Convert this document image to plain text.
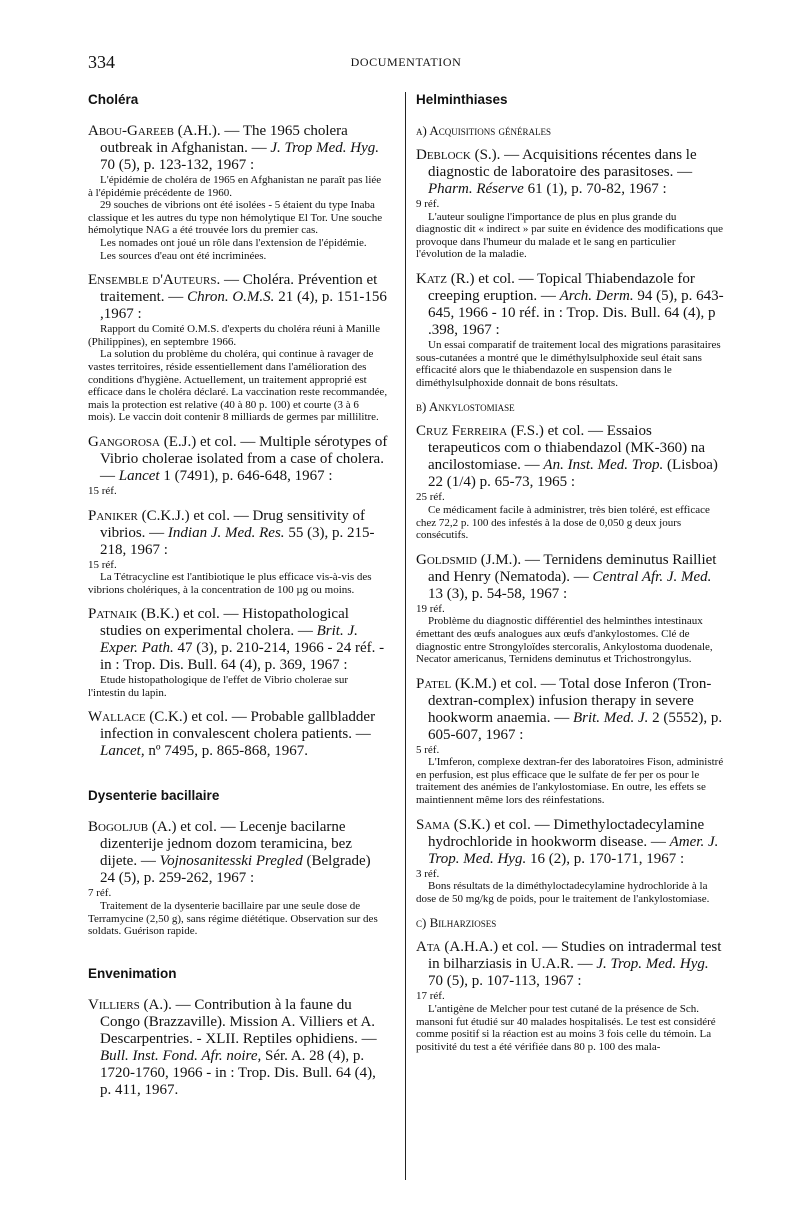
334	DOCUMENTATION
Choléra

Abou-Gareeb (A.H.). — The 1965 cholera outbreak in Afghanistan. — J. Trop Med. Hyg. 70 (5), p. 123-132, 1967 :

L'épidémie de choléra de 1965 en Afghanistan ne paraît pas liée à l'épidémie précédente de 1960.

29 souches de vibrions ont été isolées - 5 étaient du type Inaba classique et les autres du type non hémolytique El Tor. Une souche hémolytique NAG a été trouvée lors du premier cas.

Les nomades ont joué un rôle dans l'extension de l'épidémie.

Les sources d'eau ont été incriminées.

Ensemble d'Auteurs. — Choléra. Prévention et traitement. — Chron. O.M.S. 21 (4), p. 151-156 ,1967 :

Rapport du Comité O.M.S. d'experts du choléra réuni à Manille (Philippines), en septembre 1966.

La solution du problème du choléra, qui continue à ravager de vastes territoires, réside essentiellement dans l'amélioration des conditions d'hygiène. Actuellement, un traitement approprié est efficace dans le choléra déclaré. La vaccination reste recommandée, mais la protection est relative (40 à 80 p. 100) et courte (3 à 6 mois). Le vaccin doit contenir 8 milliards de germes par millilitre.

Gangorosa (E.J.) et col. — Multiple sérotypes of Vibrio cholerae isolated from a case of cholera. — Lancet 1 (7491), p. 646-648, 1967 :

15 réf.

Paniker (C.K.J.) et col. — Drug sensitivity of vibrios. — Indian J. Med. Res. 55 (3), p. 215-218, 1967 :

15 réf.

La Tétracycline est l'antibiotique le plus efficace vis-à-vis des vibrions cholériques, à la concentration de 100 µg ou moins.

Patnaik (B.K.) et col. — Histopathological studies on experimental cholera. — Brit. J. Exper. Path. 47 (3), p. 210-214, 1966 - 24 réf. - in : Trop. Dis. Bull. 64 (4), p. 369, 1967 :

Etude histopathologique de l'effet de Vibrio cholerae sur l'intestin du lapin.

Wallace (C.K.) et col. — Probable gallbladder infection in convalescent cholera patients. — Lancet, nº 7495, p. 865-868, 1967.

Dysenterie bacillaire

Bogoljub (A.) et col. — Lecenje bacilarne dizenterije jednom dozom teramicina, bez dijete. — Vojnosanitesski Pregled (Belgrade) 24 (5), p. 259-262, 1967 :

7 réf.

Traitement de la dysenterie bacillaire par une seule dose de Terramycine (2,50 g), sans régime diététique. Observation sur des soldats. Guérison rapide.

Envenimation

Villiers (A.). — Contribution à la faune du Congo (Brazzaville). Mission A. Villiers et A. Descarpentries. - XLII. Reptiles ophidiens. — Bull. Inst. Fond. Afr. noire, Sér. A. 28 (4), p. 1720-1760, 1966 - in : Trop. Dis. Bull. 64 (4), p. 411, 1967.

Helminthiases
a) Acquisitions générales

Deblock (S.). — Acquisitions récentes dans le diagnostic de laboratoire des parasitoses. — Pharm. Réserve 61 (1), p. 70-82, 1967 :

9 réf.

L'auteur souligne l'importance de plus en plus grande du diagnostic dit « indirect » par suite en évidence des modifications que provoque dans l'humeur du malade et le sang en particulier l'évolution de la maladie.

Katz (R.) et col. — Topical Thiabendazole for creeping eruption. — Arch. Derm. 94 (5), p. 643-645, 1966 - 10 réf. in : Trop. Dis. Bull. 64 (4), p .398, 1967 :

Un essai comparatif de traitement local des migrations parasitaires sous-cutanées a montré que le diméthylsulphoxide seul était sans efficacité alors que le thiabendazole en suspension dans le diméthylsulphoxide donnait de bons résultats.

b) Ankylostomiase

Cruz Ferreira (F.S.) et col. — Essaios terapeuticos com o thiabendazol (MK-360) na ancilostomiase. — An. Inst. Med. Trop. (Lisboa) 22 (1/4) p. 65-73, 1965 :

25 réf.

Ce médicament facile à administrer, très bien toléré, est efficace chez 72,2 p. 100 des infestés à la dose de 0,050 g deux jours consécutifs.

Goldsmid (J.M.). — Ternidens deminutus Railliet and Henry (Nematoda). — Central Afr. J. Med. 13 (3), p. 54-58, 1967 :

19 réf.

Problème du diagnostic différentiel des helminthes intestinaux émettant des œufs analogues aux œufs d'ankylostomes. Clé de diagnostic entre Strongyloïdes stercoralis, Ankylostoma duodenale, Necator americanus, Ternidens deminutus et Trichostrongylus.

Patel (K.M.) et col. — Total dose Inferon (Tron-dextran-complex) infusion therapy in severe hookworm anaemia. — Brit. Med. J. 2 (5552), p. 605-607, 1967 :

5 réf.

L'Imferon, complexe dextran-fer des laboratoires Fison, administré en perfusion, est plus efficace que le sulfate de fer per os pour le traitement des anémies de l'ankylostomiase. En outre, les effets se maintiennent même lors des réinfestations.

Sama (S.K.) et col. — Dimethyloctadecylamine hydrochloride in hookworm disease. — Amer. J. Trop. Med. Hyg. 16 (2), p. 170-171, 1967 :

3 réf.

Bons résultats de la diméthyloctadecylamine hydrochloride à la dose de 50 mg/kg de poids, pour le traitement de l'ankylostomiase.

c) Bilharzioses

Ata (A.H.A.) et col. — Studies on intradermal test in bilharziasis in U.A.R. — J. Trop. Med. Hyg. 70 (5), p. 107-113, 1967 :

17 réf.

L'antigène de Melcher pour test cutané de la présence de Sch. mansoni fut étudié sur 40 malades hospitalisés. Le test est considéré comme positif si la réaction est au moins 3 fois celle du témoin. La positivité du test a été vérifiée dans 80 p. 100 des mala-
